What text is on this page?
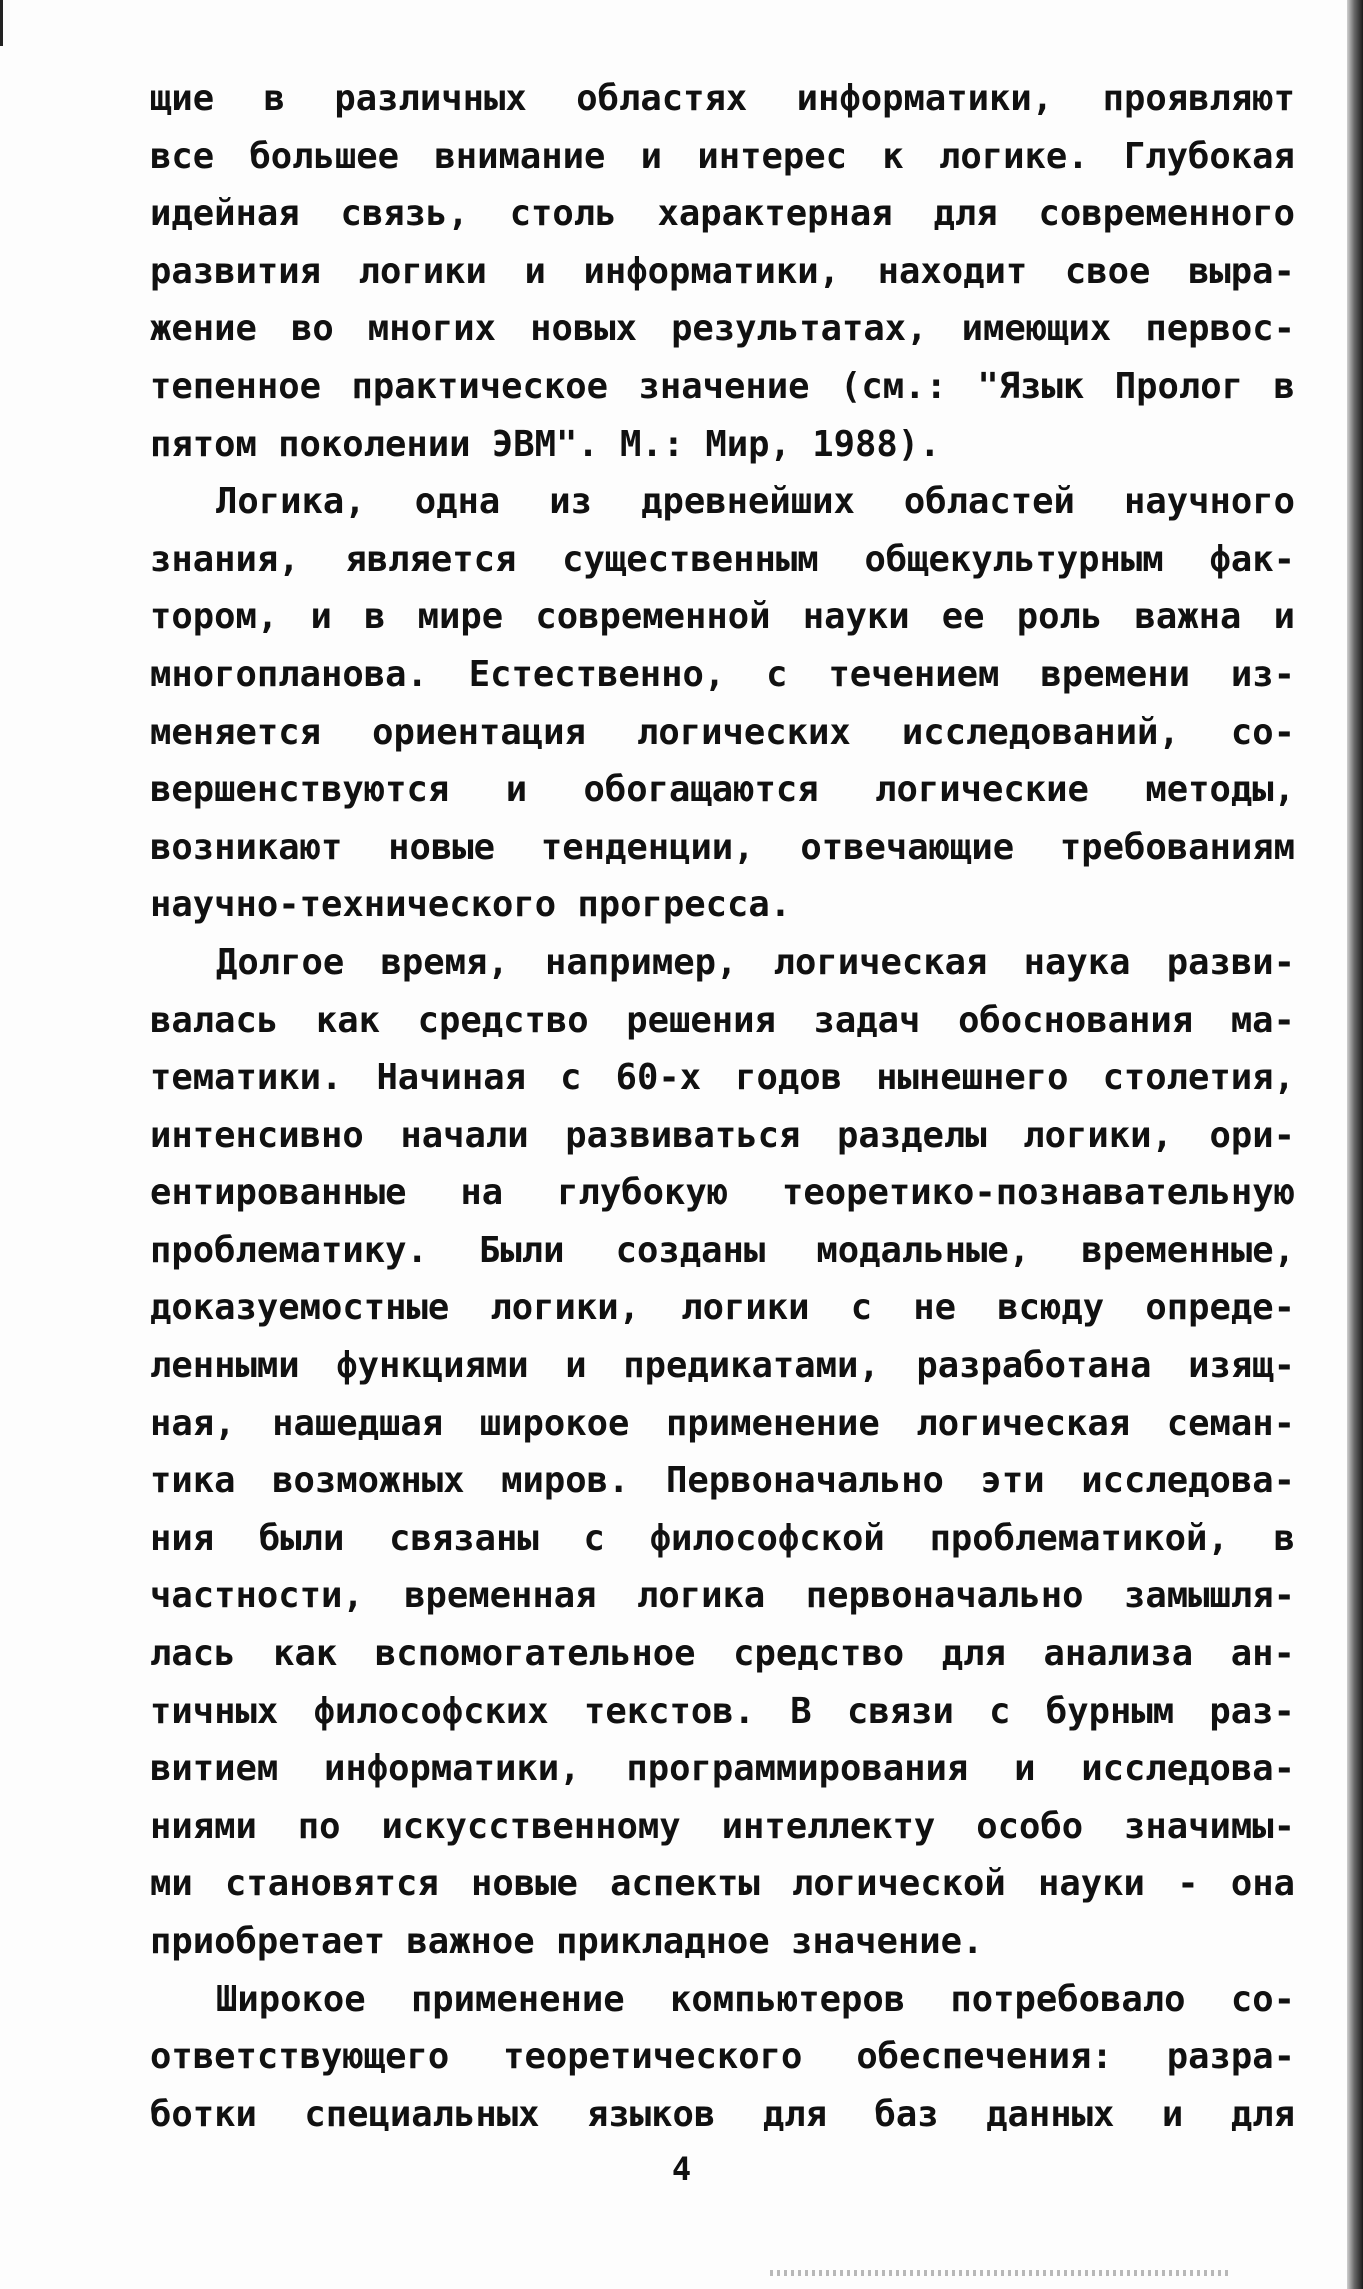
щие в различных областях информатики, проявляют
все большее внимание и интерес к логике. Глубокая
идейная связь, столь характерная для современного
развития логики и информатики, находит свое выра-
жение во многих новых результатах, имеющих первос-
тепенное практическое значение (см.: "Язык Пролог в
пятом поколении ЭВМ". М.: Мир, 1988).
Логика, одна из древнейших областей научного
знания, является существенным общекультурным фак-
тором, и в мире современной науки ее роль важна и
многопланова. Естественно, с течением времени из-
меняется ориентация логических исследований, со-
вершенствуются и обогащаются логические методы,
возникают новые тенденции, отвечающие требованиям
научно-технического прогресса.
Долгое время, например, логическая наука разви-
валась как средство решения задач обоснования ма-
тематики. Начиная с 60-х годов нынешнего столетия,
интенсивно начали развиваться разделы логики, ори-
ентированные на глубокую теоретико-познавательную
проблематику. Были созданы модальные, временные,
доказуемостные логики, логики с не всюду опреде-
ленными функциями и предикатами, разработана изящ-
ная, нашедшая широкое применение логическая семан-
тика возможных миров. Первоначально эти исследова-
ния были связаны с философской проблематикой, в
частности, временная логика первоначально замышля-
лась как вспомогательное средство для анализа ан-
тичных философских текстов. В связи с бурным раз-
витием информатики, программирования и исследова-
ниями по искусственному интеллекту особо значимы-
ми становятся новые аспекты логической науки - она
приобретает важное прикладное значение.
Широкое применение компьютеров потребовало со-
ответствующего теоретического обеспечения: разра-
ботки специальных языков для баз данных и для
4
